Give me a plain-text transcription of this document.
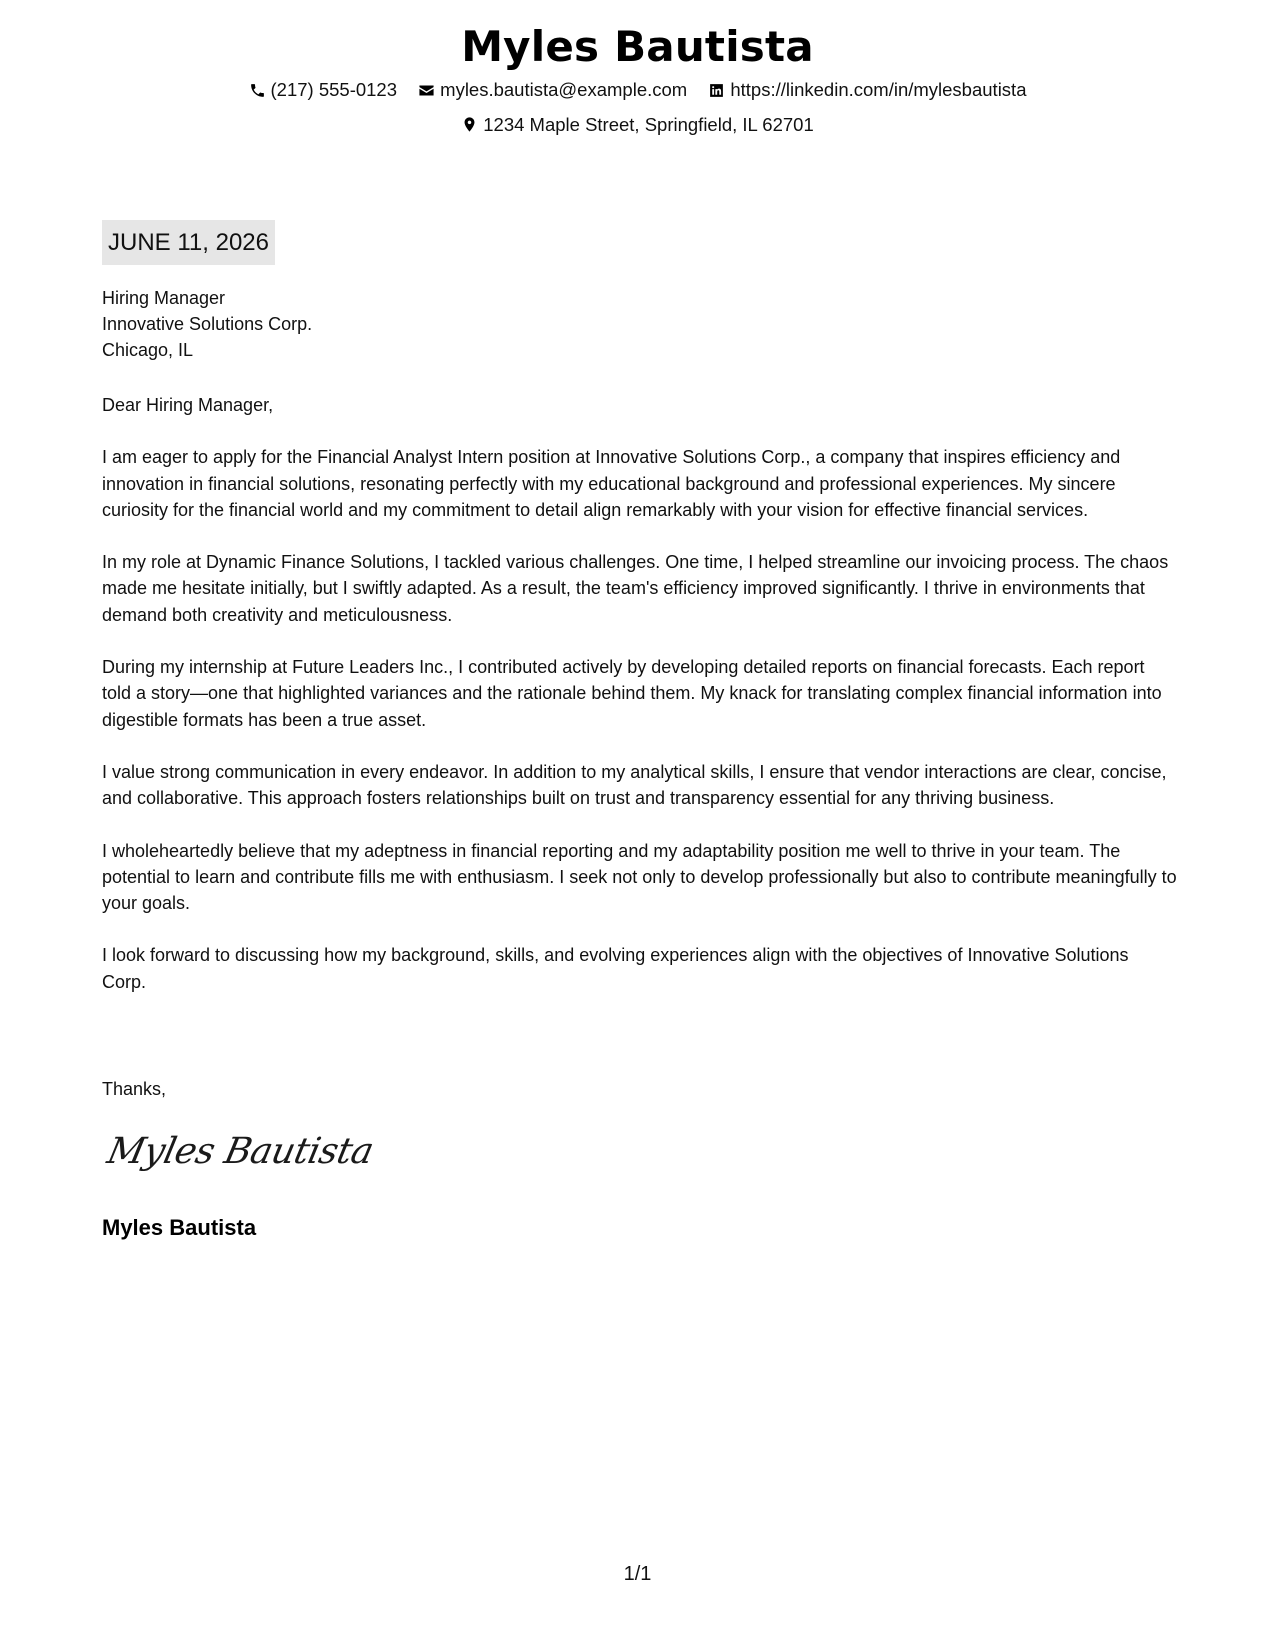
Myles Bautista
(217) 555-0123
myles.bautista@example.com
https://linkedin.com/in/mylesbautista
1234 Maple Street, Springfield, IL 62701
JUNE 11, 2026
Hiring Manager
Innovative Solutions Corp.
Chicago, IL

Dear Hiring Manager,

I am eager to apply for the Financial Analyst Intern position at Innovative Solutions Corp., a company that inspires efficiency and innovation in financial solutions, resonating perfectly with my educational background and professional experiences. My sincere curiosity for the financial world and my commitment to detail align remarkably with your vision for effective financial services.

In my role at Dynamic Finance Solutions, I tackled various challenges. One time, I helped streamline our invoicing process. The chaos made me hesitate initially, but I swiftly adapted. As a result, the team's efficiency improved significantly. I thrive in environments that demand both creativity and meticulousness.

During my internship at Future Leaders Inc., I contributed actively by developing detailed reports on financial forecasts. Each report told a story—one that highlighted variances and the rationale behind them. My knack for translating complex financial information into digestible formats has been a true asset.

I value strong communication in every endeavor. In addition to my analytical skills, I ensure that vendor interactions are clear, concise, and collaborative. This approach fosters relationships built on trust and transparency essential for any thriving business.

I wholeheartedly believe that my adeptness in financial reporting and my adaptability position me well to thrive in your team. The potential to learn and contribute fills me with enthusiasm. I seek not only to develop professionally but also to contribute meaningfully to your goals.

I look forward to discussing how my background, skills, and evolving experiences align with the objectives of Innovative Solutions Corp.

Thanks,
Myles Bautista
Myles Bautista
1/1
